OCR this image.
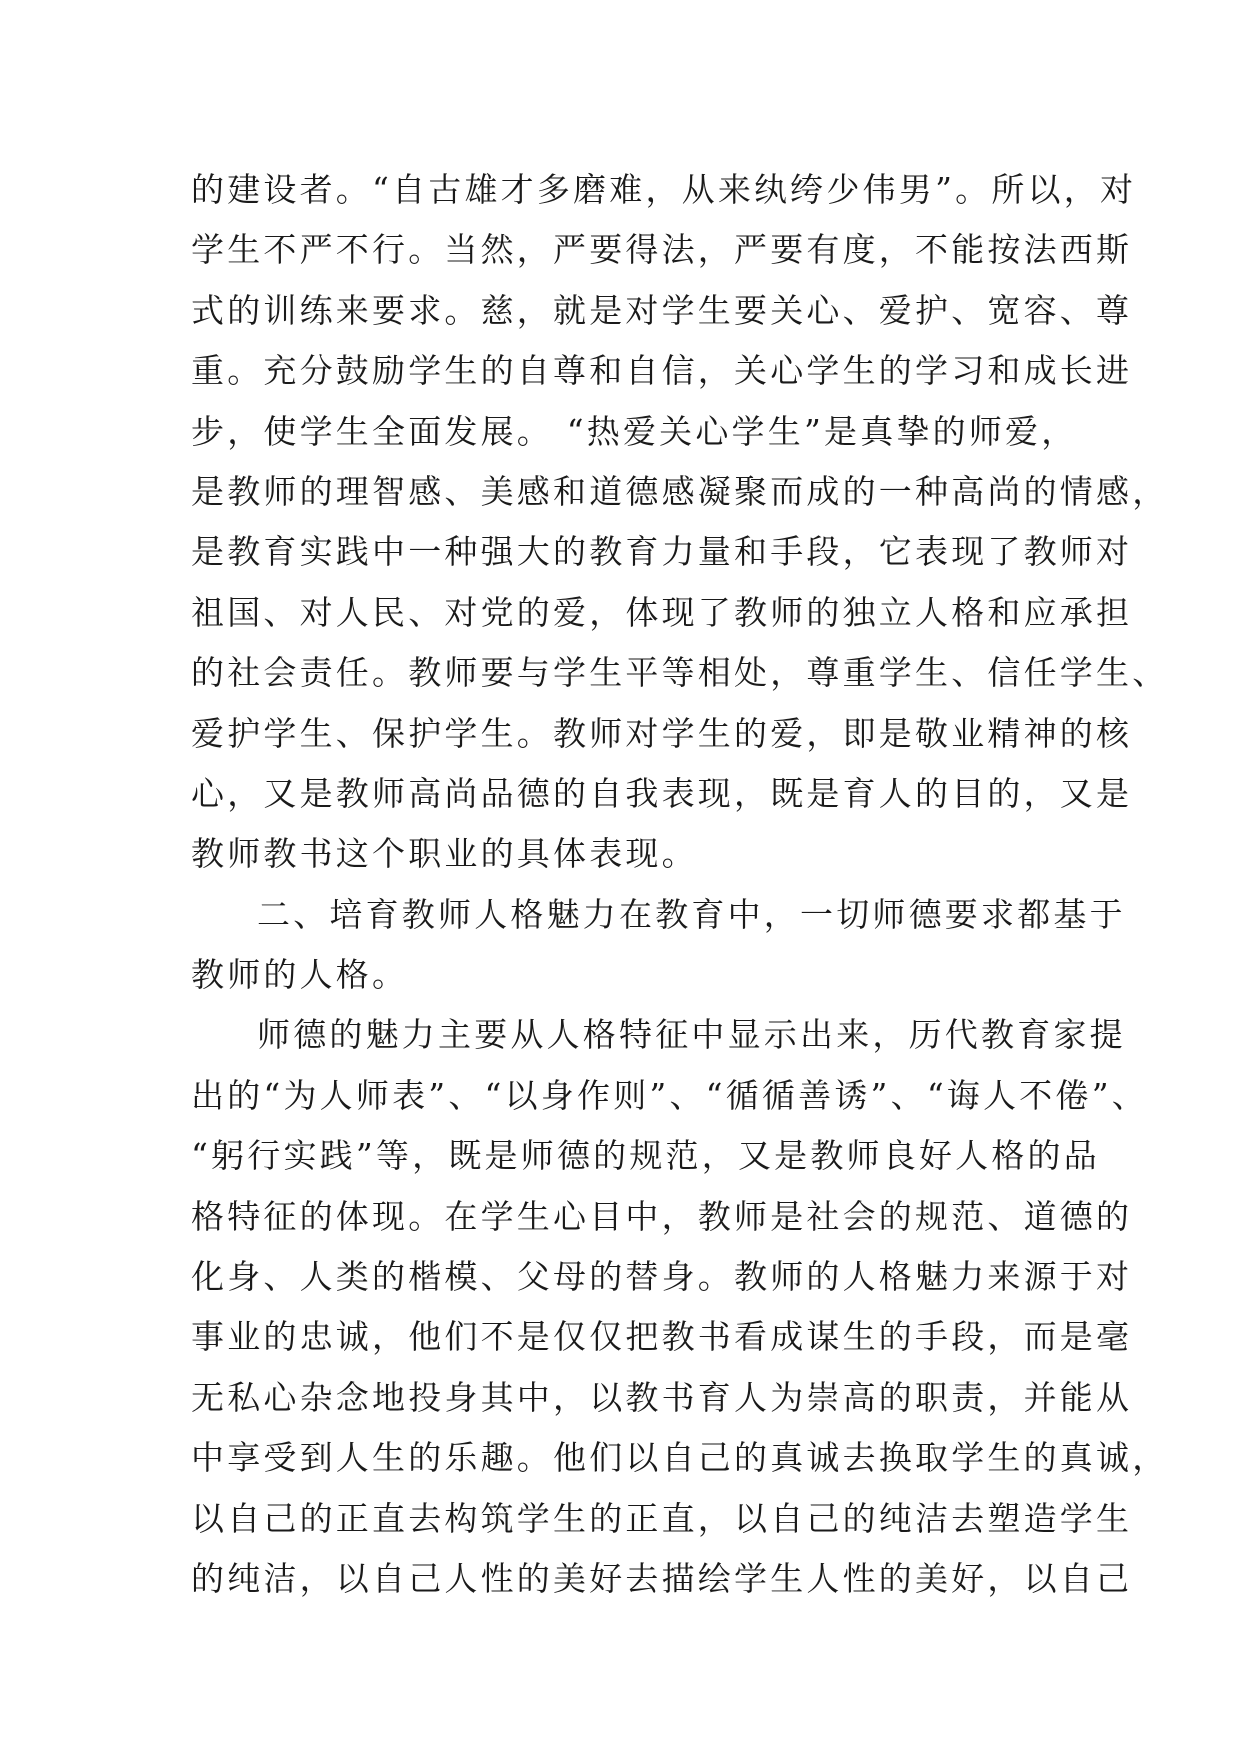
的建设者。“自古雄才多磨难，从来纨绔少伟男”。所以，对
学生不严不行。当然，严要得法，严要有度，不能按法西斯
式的训练来要求。慈，就是对学生要关心、爱护、宽容、尊
重。充分鼓励学生的自尊和自信，关心学生的学习和成长进
步，使学生全面发展。 “热爱关心学生”是真挚的师爱，
是教师的理智感、美感和道德感凝聚而成的一种高尚的情感，
是教育实践中一种强大的教育力量和手段，它表现了教师对
祖国、对人民、对党的爱，体现了教师的独立人格和应承担
的社会责任。教师要与学生平等相处，尊重学生、信任学生、
爱护学生、保护学生。教师对学生的爱，即是敬业精神的核
心，又是教师高尚品德的自我表现，既是育人的目的，又是
教师教书这个职业的具体表现。
二、培育教师人格魅力在教育中，一切师德要求都基于
教师的人格。
师德的魅力主要从人格特征中显示出来，历代教育家提
出的“为人师表”、“以身作则”、“循循善诱”、“诲人不倦”、
“躬行实践”等，既是师德的规范，又是教师良好人格的品
格特征的体现。在学生心目中，教师是社会的规范、道德的
化身、人类的楷模、父母的替身。教师的人格魅力来源于对
事业的忠诚，他们不是仅仅把教书看成谋生的手段，而是毫
无私心杂念地投身其中，以教书育人为崇高的职责，并能从
中享受到人生的乐趣。他们以自己的真诚去换取学生的真诚，
以自己的正直去构筑学生的正直，以自己的纯洁去塑造学生
的纯洁，以自己人性的美好去描绘学生人性的美好，以自己
